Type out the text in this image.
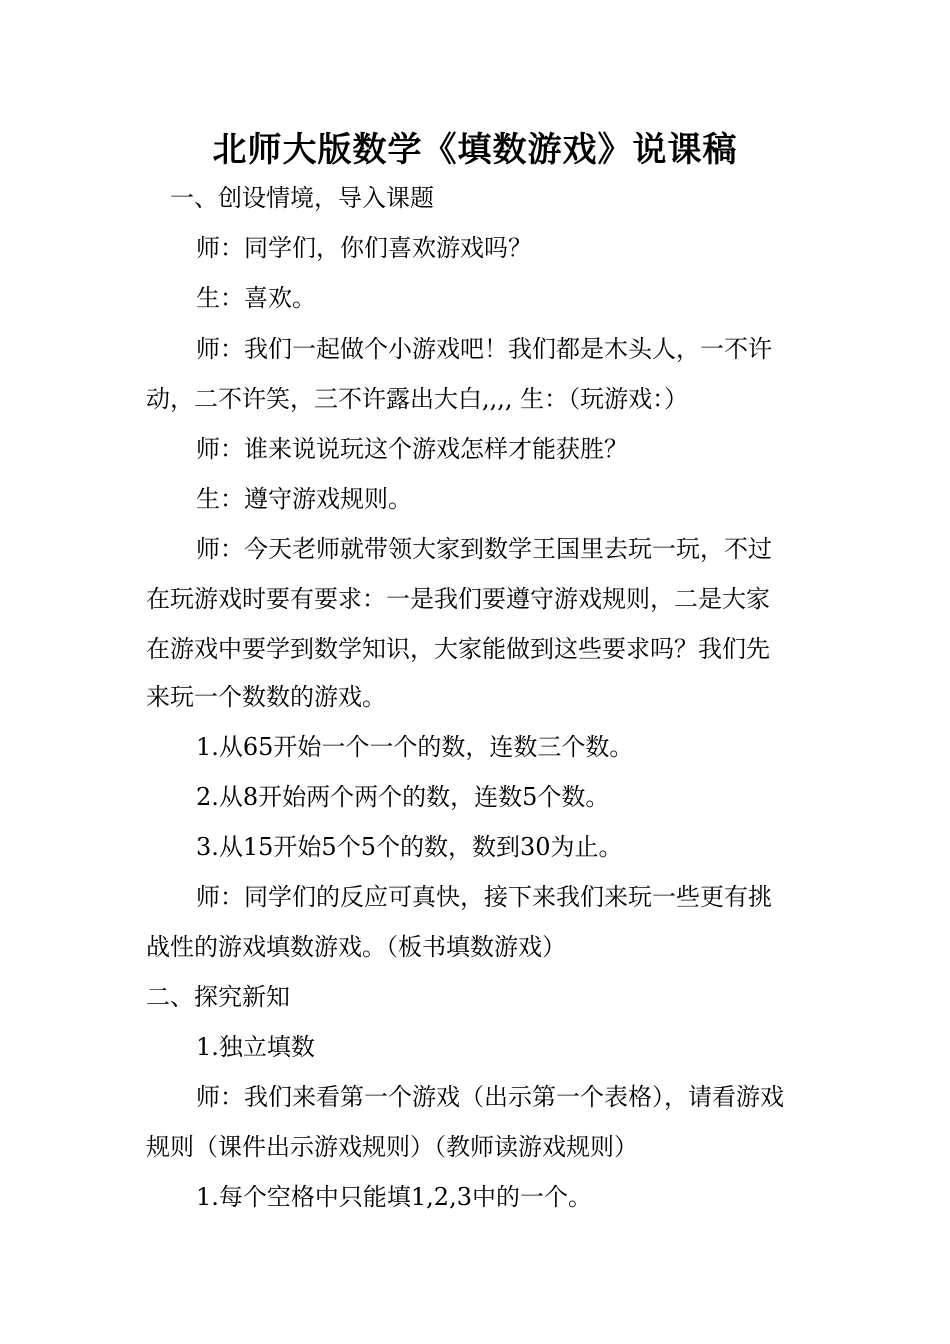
北师大版数学《填数游戏》说课稿
一、创设情境，导入课题
师：同学们，你们喜欢游戏吗？
生：喜欢。
师：我们一起做个小游戏吧！我们都是木头人，一不许
动，二不许笑，三不许露出大白,,,, 生：（玩游戏：）
师：谁来说说玩这个游戏怎样才能获胜？
生：遵守游戏规则。
师：今天老师就带领大家到数学王国里去玩一玩，不过
在玩游戏时要有要求：一是我们要遵守游戏规则，二是大家
在游戏中要学到数学知识，大家能做到这些要求吗？我们先
来玩一个数数的游戏。
1.从65开始一个一个的数，连数三个数。
2.从8开始两个两个的数，连数5个数。
3.从15开始5个5个的数，数到30为止。
师：同学们的反应可真快，接下来我们来玩一些更有挑
战性的游戏填数游戏。（板书填数游戏）
二、探究新知
1.独立填数
师：我们来看第一个游戏（出示第一个表格），请看游戏
规则（课件出示游戏规则）（教师读游戏规则）
1.每个空格中只能填1,2,3中的一个。
